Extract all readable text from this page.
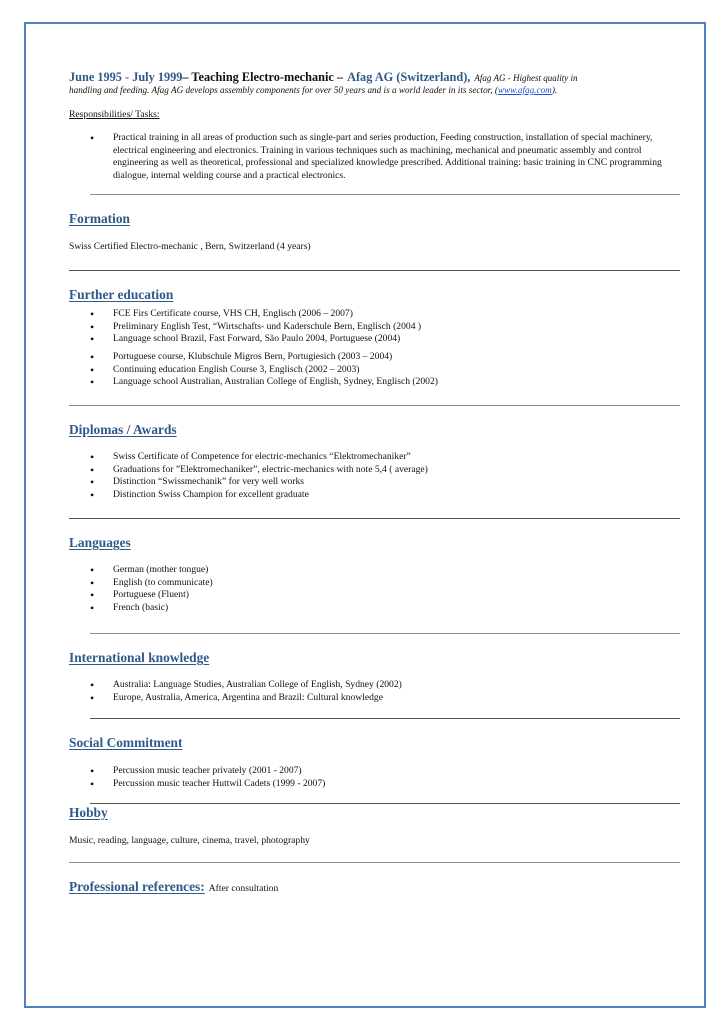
June 1995 - July 1999– Teaching Electro-mechanic – Afag AG (Switzerland), Afag AG - Highest quality in
handling and feeding. Afag AG develops assembly components for over 50 years and is a world leader in its sector, (www.afag.com).
Responsibilities/ Tasks:
• Practical training in all areas of production such as single-part and series production, Feeding construction, installation of special machinery, electrical engineering and electronics. Training in various techniques such as machining, mechanical and pneumatic assembly and control engineering as well as theoretical, professional and specialized knowledge prescribed. Additional training: basic training in CNC programming dialogue, internal welding course and a practical electronics.
Formation
Swiss Certified Electro-mechanic , Bern, Switzerland (4 years)
Further education
• FCE Firs Certificate course, VHS CH, Englisch (2006 – 2007)
• Preliminary English Test, “Wirtschafts- und Kaderschule Bern, Englisch (2004 )
• Language school Brazil, Fast Forward, São Paulo 2004, Portuguese (2004)
• Portuguese course, Klubschule Migros Bern, Portugiesich (2003 – 2004)
• Continuing education English Course 3, Englisch (2002 – 2003)
• Language school Australian, Australian College of English, Sydney, Englisch (2002)
Diplomas / Awards
• Swiss Certificate of Competence for electric-mechanics “Elektromechaniker”
• Graduations for ”Elektromechaniker”, electric-mechanics with note 5,4 ( average)
• Distinction “Swissmechanik” for very well works
• Distinction Swiss Champion for excellent graduate
Languages
• German (mother tongue)
• English (to communicate)
• Portuguese (Fluent)
• French (basic)
International knowledge
• Australia: Language Studies, Australian College of English, Sydney (2002)
• Europe, Australia, America, Argentina and Brazil: Cultural knowledge
Social Commitment
• Percussion music teacher privately (2001 - 2007)
• Percussion music teacher Huttwil Cadets (1999 - 2007)
Hobby
Music, reading, language, culture, cinema, travel, photography
Professional references: After consultation
